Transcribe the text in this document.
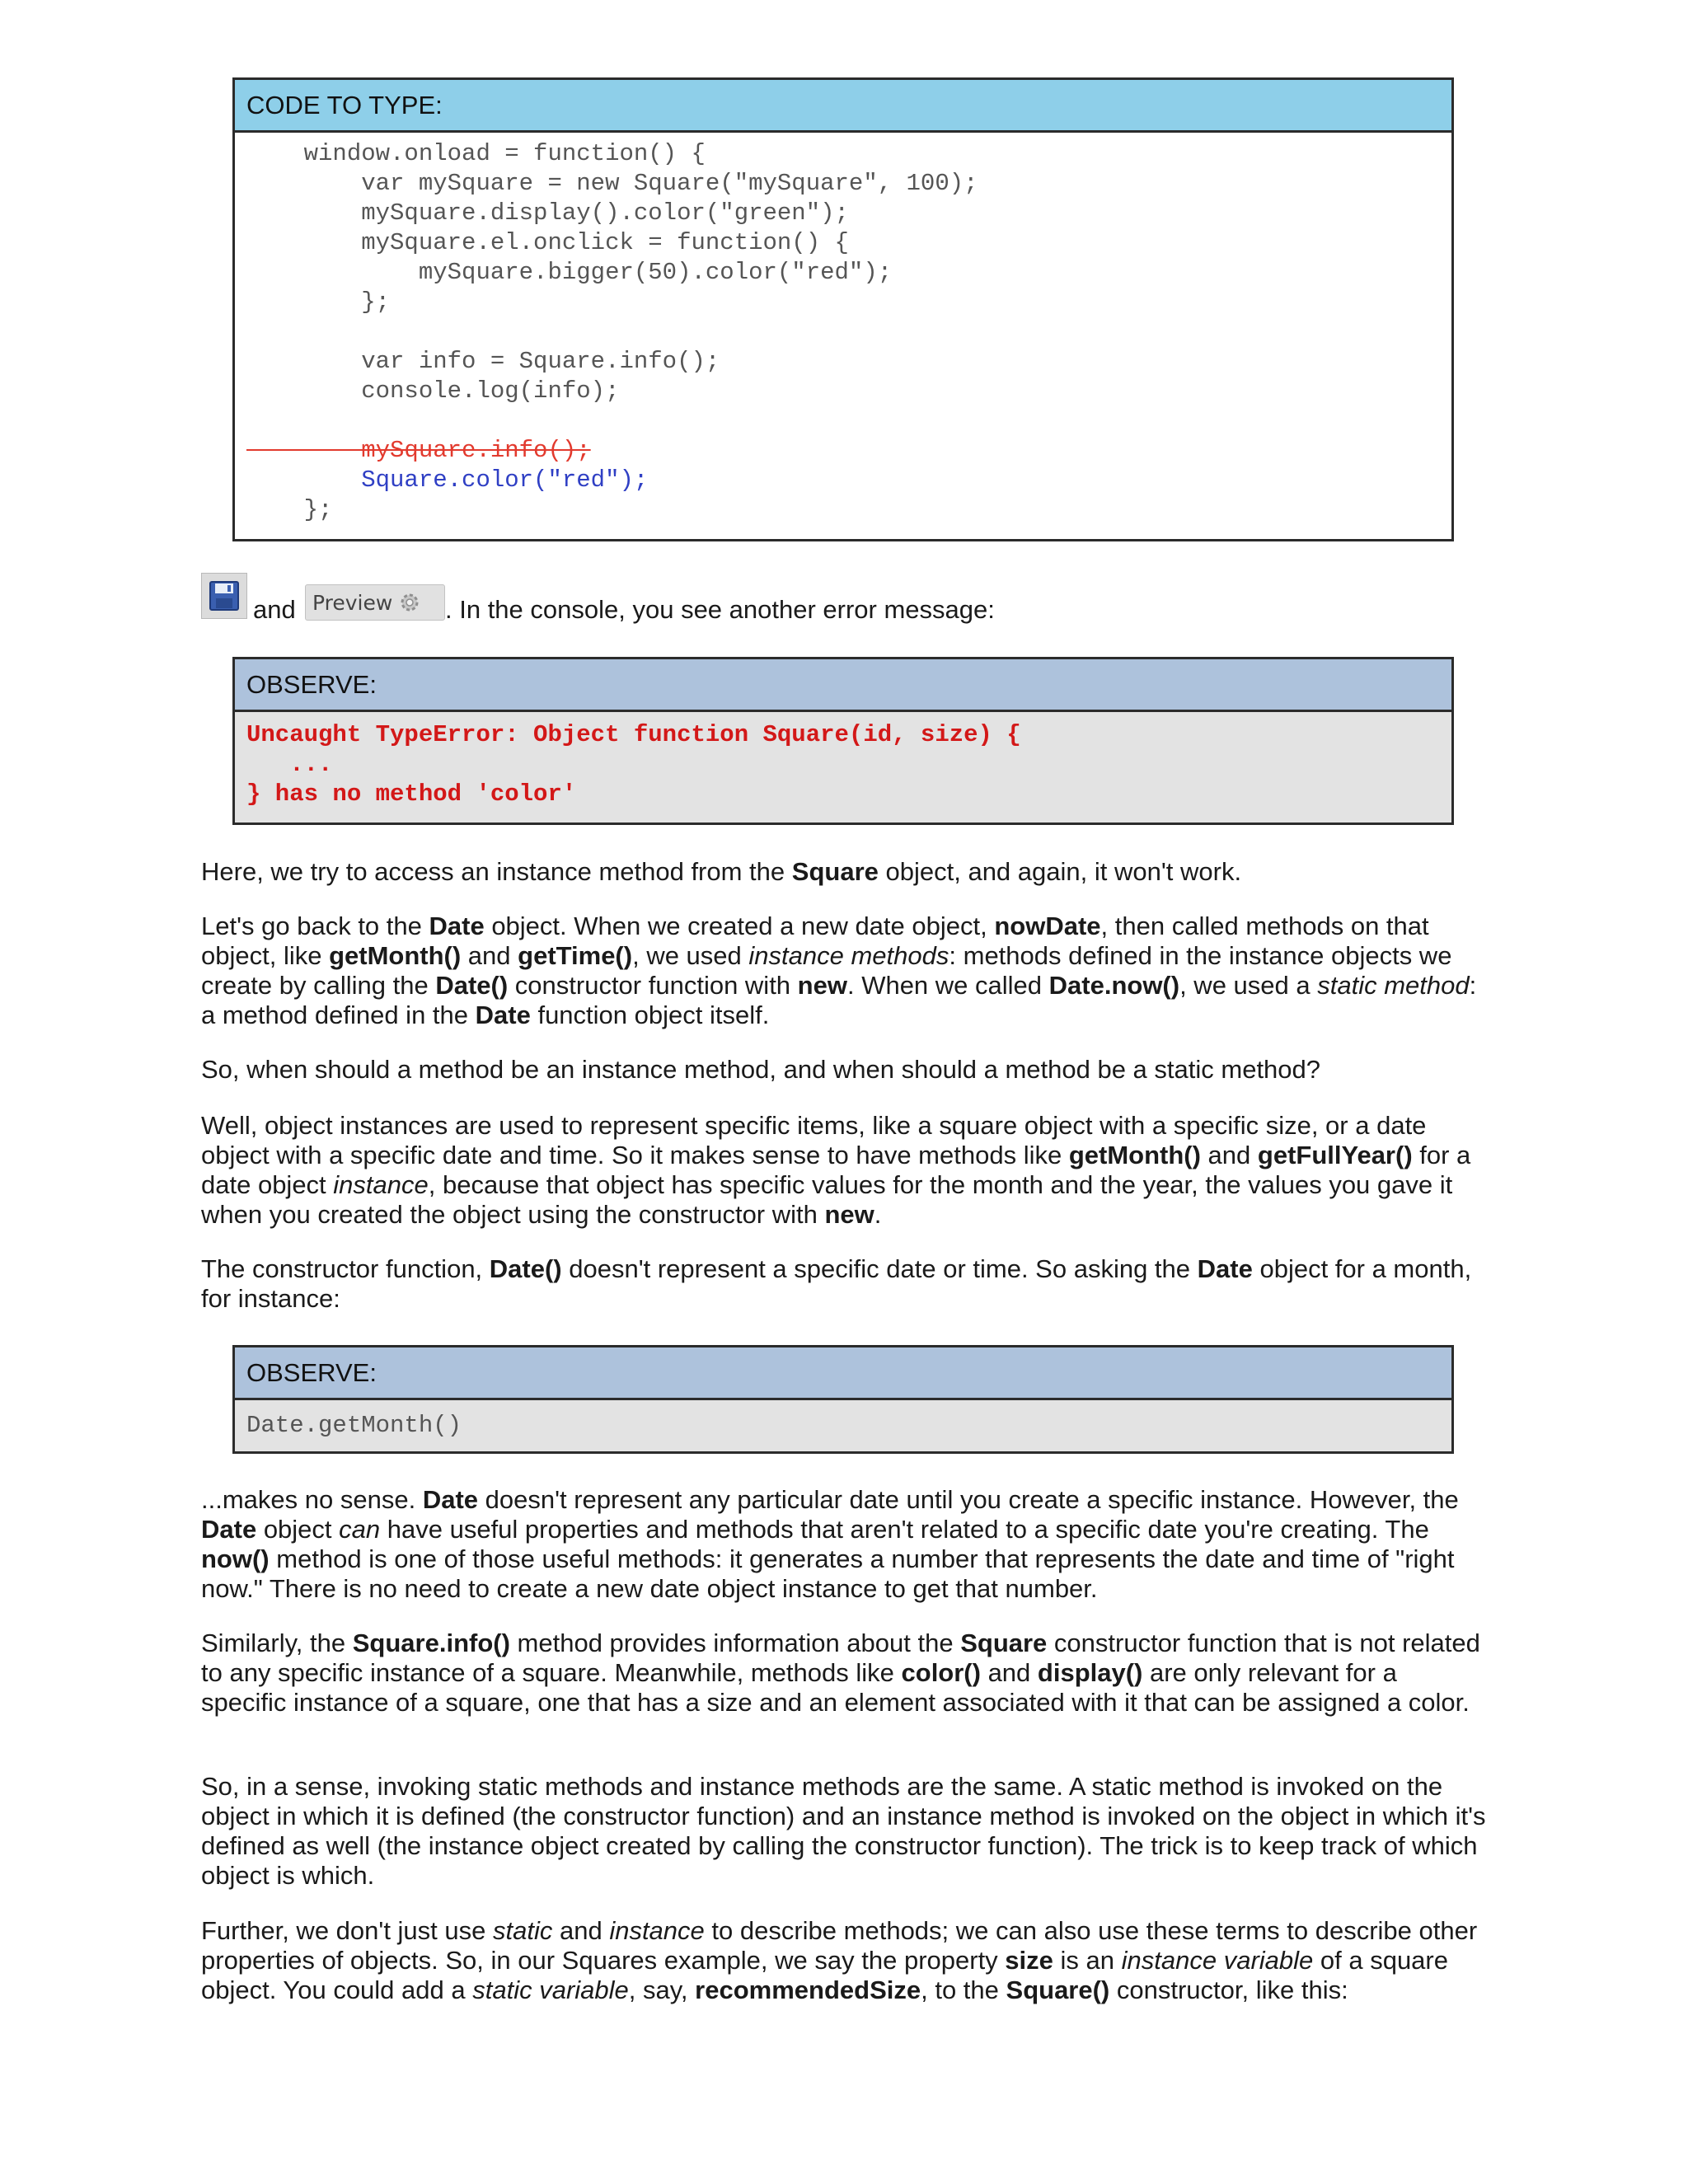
CODE TO TYPE:
window.onload = function() {
var mySquare = new Square("mySquare", 100);
mySquare.display().color("green");
mySquare.el.onclick = function() {
mySquare.bigger(50).color("red");
};
var info = Square.info();
console.log(info);
mySquare.info();
Square.color("red");
};
and Preview . In the console, you see another error message:
OBSERVE:
Uncaught TypeError: Object function Square(id, size) {
...
} has no method 'color'
Here, we try to access an instance method from the Square object, and again, it won't work.
Let's go back to the Date object. When we created a new date object, nowDate, then called methods on that object, like getMonth() and getTime(), we used instance methods: methods defined in the instance objects we create by calling the Date() constructor function with new. When we called Date.now(), we used a static method: a method defined in the Date function object itself.
So, when should a method be an instance method, and when should a method be a static method?
Well, object instances are used to represent specific items, like a square object with a specific size, or a date object with a specific date and time. So it makes sense to have methods like getMonth() and getFullYear() for a date object instance, because that object has specific values for the month and the year, the values you gave it when you created the object using the constructor with new.
The constructor function, Date() doesn't represent a specific date or time. So asking the Date object for a month, for instance:
OBSERVE:
Date.getMonth()
...makes no sense. Date doesn't represent any particular date until you create a specific instance. However, the Date object can have useful properties and methods that aren't related to a specific date you're creating. The now() method is one of those useful methods: it generates a number that represents the date and time of "right now." There is no need to create a new date object instance to get that number.
Similarly, the Square.info() method provides information about the Square constructor function that is not related to any specific instance of a square. Meanwhile, methods like color() and display() are only relevant for a specific instance of a square, one that has a size and an element associated with it that can be assigned a color.
So, in a sense, invoking static methods and instance methods are the same. A static method is invoked on the object in which it is defined (the constructor function) and an instance method is invoked on the object in which it's defined as well (the instance object created by calling the constructor function). The trick is to keep track of which object is which.
Further, we don't just use static and instance to describe methods; we can also use these terms to describe other properties of objects. So, in our Squares example, we say the property size is an instance variable of a square object. You could add a static variable, say, recommendedSize, to the Square() constructor, like this:
